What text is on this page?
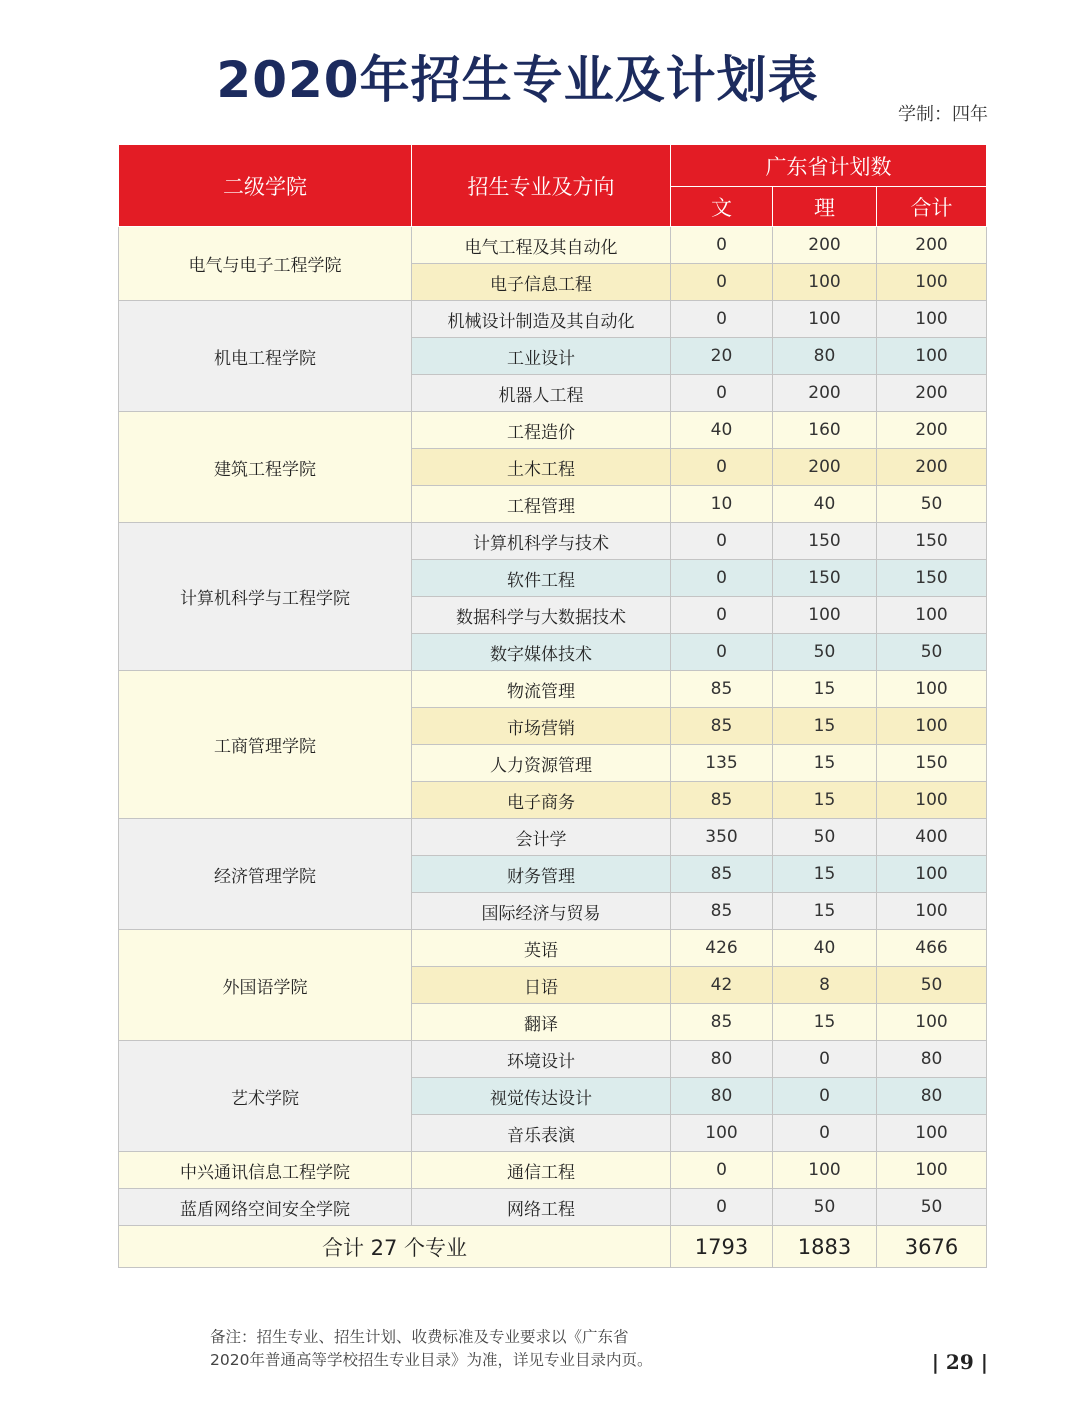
2020年招生专业及计划表
学制：四年
二级学院	招生专业及方向	广东省计划数		
		文	理	合计
电气与电子工程学院	电气工程及其自动化	0	200	200
	电子信息工程	0	100	100
机电工程学院	机械设计制造及其自动化	0	100	100
	工业设计	20	80	100
	机器人工程	0	200	200
建筑工程学院	工程造价	40	160	200
	土木工程	0	200	200
	工程管理	10	40	50
计算机科学与工程学院	计算机科学与技术	0	150	150
	软件工程	0	150	150
	数据科学与大数据技术	0	100	100
	数字媒体技术	0	50	50
工商管理学院	物流管理	85	15	100
	市场营销	85	15	100
	人力资源管理	135	15	150
	电子商务	85	15	100
经济管理学院	会计学	350	50	400
	财务管理	85	15	100
	国际经济与贸易	85	15	100
外国语学院	英语	426	40	466
	日语	42	8	50
	翻译	85	15	100
艺术学院	环境设计	80	0	80
	视觉传达设计	80	0	80
	音乐表演	100	0	100
中兴通讯信息工程学院	通信工程	0	100	100
蓝盾网络空间安全学院	网络工程	0	50	50
合计 27 个专业		1793	1883	3676
备注：招生专业、招生计划、收费标准及专业要求以《广东省
2020年普通高等学校招生专业目录》为准，详见专业目录内页。	| 29 |
